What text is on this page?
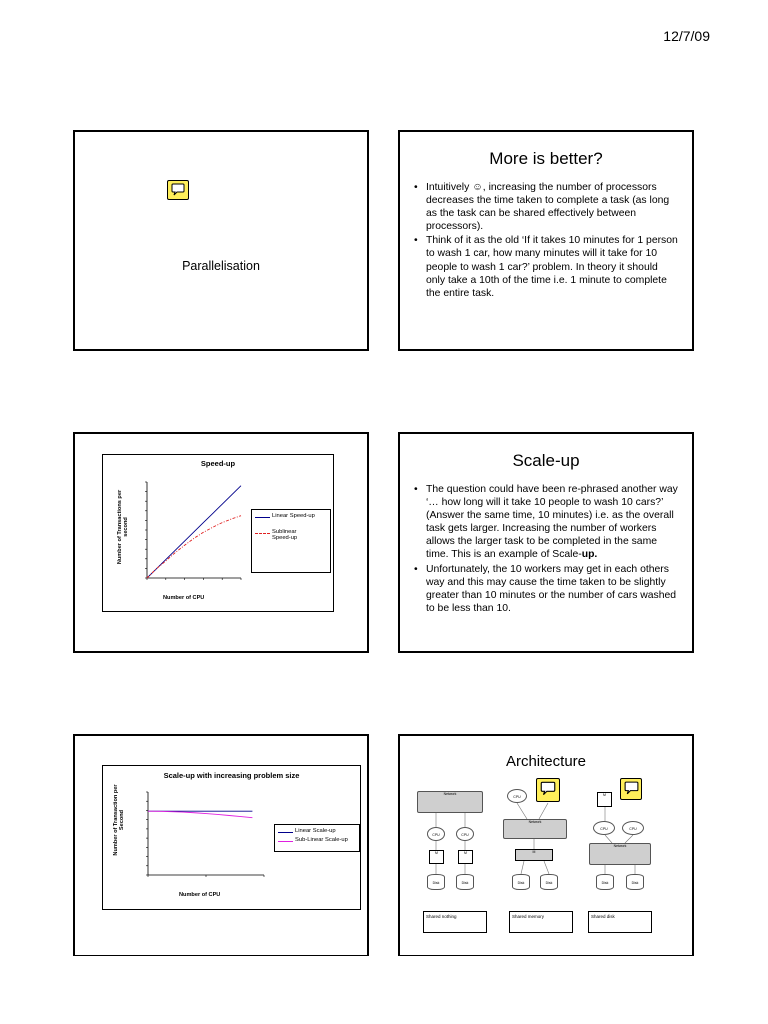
12/7/09
Parallelisation
More is better?
• Intuitively ☺, increasing the number of processors decreases the time taken to complete a task (as long as the task can be shared effectively between processors).
• Think of it as the old ‘If it takes 10 minutes for 1 person to wash 1 car, how many minutes will it take for 10 people to wash 1 car?’ problem. In theory it should only take a 10th of the time i.e. 1 minute to complete the entire task.
Speed-up
Number of Transactions per second
Number of CPU
Linear Speed-up
Sublinear Speed-up
Scale-up
• The question could have been re-phrased another way ‘… how long will it take 10 people to wash 10 cars?’ (Answer the same time, 10 minutes) i.e. as the overall task gets larger. Increasing the number of workers allows the larger task to be completed in the same time. This is an example of Scale-up.
• Unfortunately, the 10 workers may get in each others way and this may cause the time taken to be slightly greater than 10 minutes or the number of cars washed to be less than 10.
Scale-up with increasing problem size
Number of Transaction per Second
Number of CPU
Linear Scale-up
Sub-Linear Scale-up
Architecture
Network
CPU	CPU
M	M
Disk	Disk
CPU
Network
M
Disk	Disk
M
CPU	CPU
Network
Disk	Disk
Shared nothing	Shared memory	Shared disk
